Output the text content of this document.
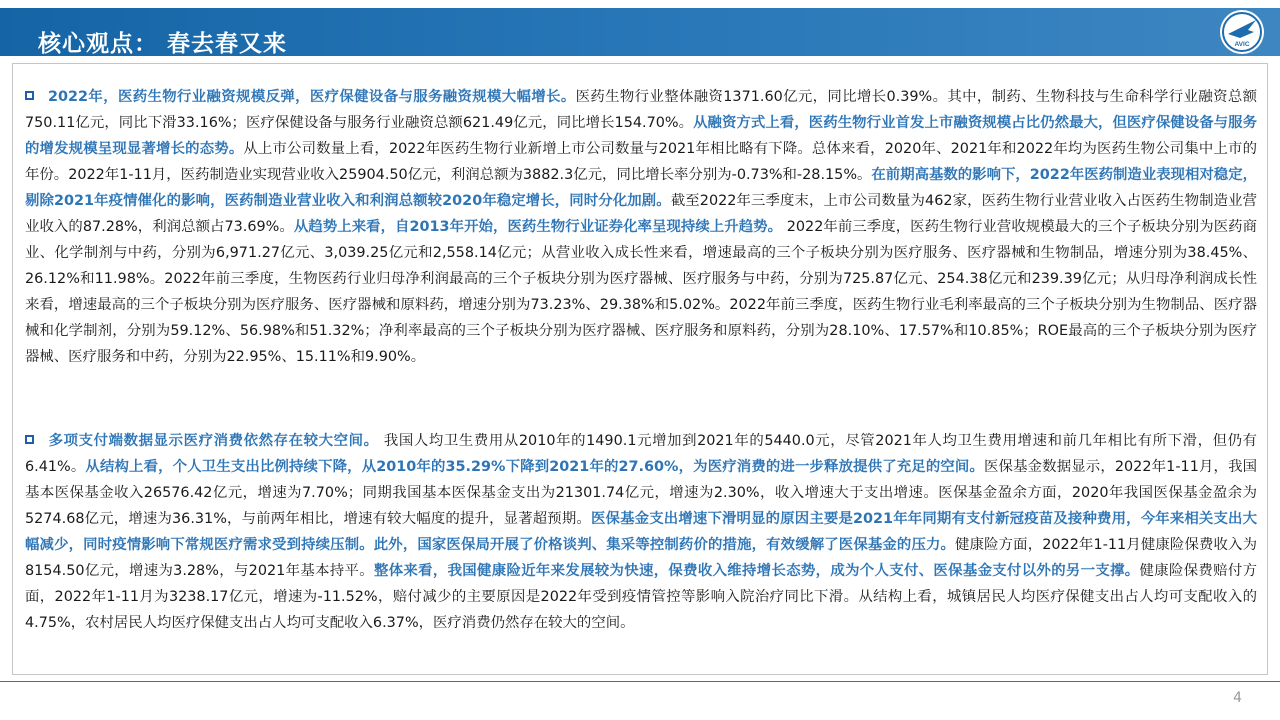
核心观点： 春去春又来	AVIC
2022年，医药生物行业融资规模反弹，医疗保健设备与服务融资规模大幅增长。医药生物行业整体融资1371.60亿元，同比增长0.39%。其中，制药、生物科技与生命科学行业融资总额750.11亿元，同比下滑33.16%；医疗保健设备与服务行业融资总额621.49亿元，同比增长154.70%。从融资方式上看，医药生物行业首发上市融资规模占比仍然最大，但医疗保健设备与服务的增发规模呈现显著增长的态势。从上市公司数量上看，2022年医药生物行业新增上市公司数量与2021年相比略有下降。总体来看，2020年、2021年和2022年均为医药生物公司集中上市的年份。2022年1-11月，医药制造业实现营业收入25904.50亿元，利润总额为3882.3亿元，同比增长率分别为-0.73%和-28.15%。在前期高基数的影响下，2022年医药制造业表现相对稳定，剔除2021年疫情催化的影响，医药制造业营业收入和利润总额较2020年稳定增长，同时分化加剧。截至2022年三季度末，上市公司数量为462家，医药生物行业营业收入占医药生物制造业营业收入的87.28%，利润总额占73.69%。从趋势上来看，自2013年开始，医药生物行业证券化率呈现持续上升趋势。 2022年前三季度，医药生物行业营收规模最大的三个子板块分别为医药商业、化学制剂与中药，分别为6,971.27亿元、3,039.25亿元和2,558.14亿元；从营业收入成长性来看，增速最高的三个子板块分别为医疗服务、医疗器械和生物制品，增速分别为38.45%、26.12%和11.98%。2022年前三季度，生物医药行业归母净利润最高的三个子板块分别为医疗器械、医疗服务与中药，分别为725.87亿元、254.38亿元和239.39亿元；从归母净利润成长性来看，增速最高的三个子板块分别为医疗服务、医疗器械和原料药，增速分别为73.23%、29.38%和5.02%。2022年前三季度，医药生物行业毛利率最高的三个子板块分别为生物制品、医疗器械和化学制剂，分别为59.12%、56.98%和51.32%；净利率最高的三个子板块分别为医疗器械、医疗服务和原料药，分别为28.10%、17.57%和10.85%；ROE最高的三个子板块分别为医疗器械、医疗服务和中药，分别为22.95%、15.11%和9.90%。
多项支付端数据显示医疗消费依然存在较大空间。 我国人均卫生费用从2010年的1490.1元增加到2021年的5440.0元，尽管2021年人均卫生费用增速和前几年相比有所下滑，但仍有6.41%。从结构上看，个人卫生支出比例持续下降，从2010年的35.29%下降到2021年的27.60%，为医疗消费的进一步释放提供了充足的空间。医保基金数据显示，2022年1-11月，我国基本医保基金收入26576.42亿元，增速为7.70%；同期我国基本医保基金支出为21301.74亿元，增速为2.30%，收入增速大于支出增速。医保基金盈余方面，2020年我国医保基金盈余为5274.68亿元，增速为36.31%，与前两年相比，增速有较大幅度的提升，显著超预期。医保基金支出增速下滑明显的原因主要是2021年年同期有支付新冠疫苗及接种费用，今年来相关支出大幅减少，同时疫情影响下常规医疗需求受到持续压制。此外，国家医保局开展了价格谈判、集采等控制药价的措施，有效缓解了医保基金的压力。健康险方面，2022年1-11月健康险保费收入为8154.50亿元，增速为3.28%，与2021年基本持平。整体来看，我国健康险近年来发展较为快速，保费收入维持增长态势，成为个人支付、医保基金支付以外的另一支撑。健康险保费赔付方面，2022年1-11月为3238.17亿元，增速为-11.52%，赔付减少的主要原因是2022年受到疫情管控等影响入院治疗同比下滑。从结构上看，城镇居民人均医疗保健支出占人均可支配收入的4.75%，农村居民人均医疗保健支出占人均可支配收入6.37%，医疗消费仍然存在较大的空间。
4
